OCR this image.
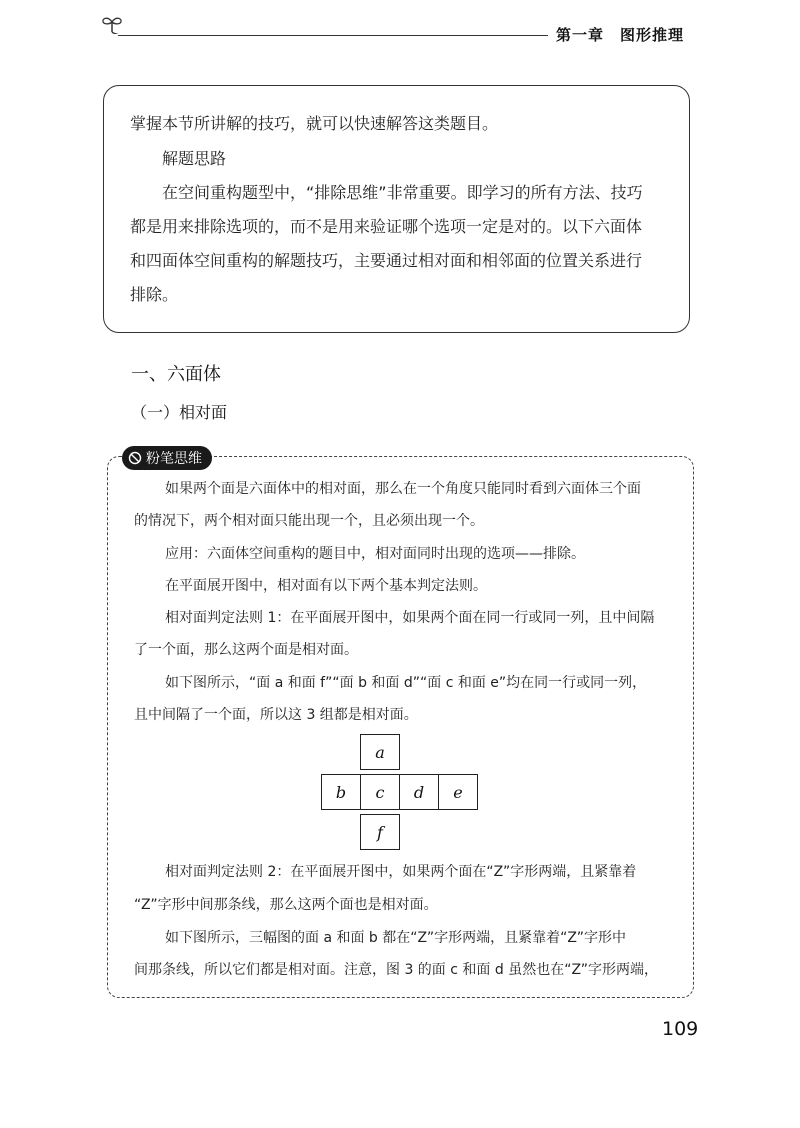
第一章　图形推理

掌握本节所讲解的技巧，就可以快速解答这类题目。

解题思路

在空间重构题型中，“排除思维”非常重要。即学习的所有方法、技巧

都是用来排除选项的，而不是用来验证哪个选项一定是对的。以下六面体

和四面体空间重构的解题技巧，主要通过相对面和相邻面的位置关系进行

排除。

一、六面体
（一）相对面
粉笔思维

如果两个面是六面体中的相对面，那么在一个角度只能同时看到六面体三个面

的情况下，两个相对面只能出现一个，且必须出现一个。

应用：六面体空间重构的题目中，相对面同时出现的选项——排除。

在平面展开图中，相对面有以下两个基本判定法则。

相对面判定法则 1：在平面展开图中，如果两个面在同一行或同一列，且中间隔

了一个面，那么这两个面是相对面。

如下图所示，“面 a 和面 f”“面 b 和面 d”“面 c 和面 e”均在同一行或同一列，

且中间隔了一个面，所以这 3 组都是相对面。

a
b	c	d	e
f

相对面判定法则 2：在平面展开图中，如果两个面在“Z”字形两端，且紧靠着

“Z”字形中间那条线，那么这两个面也是相对面。

如下图所示，三幅图的面 a 和面 b 都在“Z”字形两端，且紧靠着“Z”字形中

间那条线，所以它们都是相对面。注意，图 3 的面 c 和面 d 虽然也在“Z”字形两端，

109
